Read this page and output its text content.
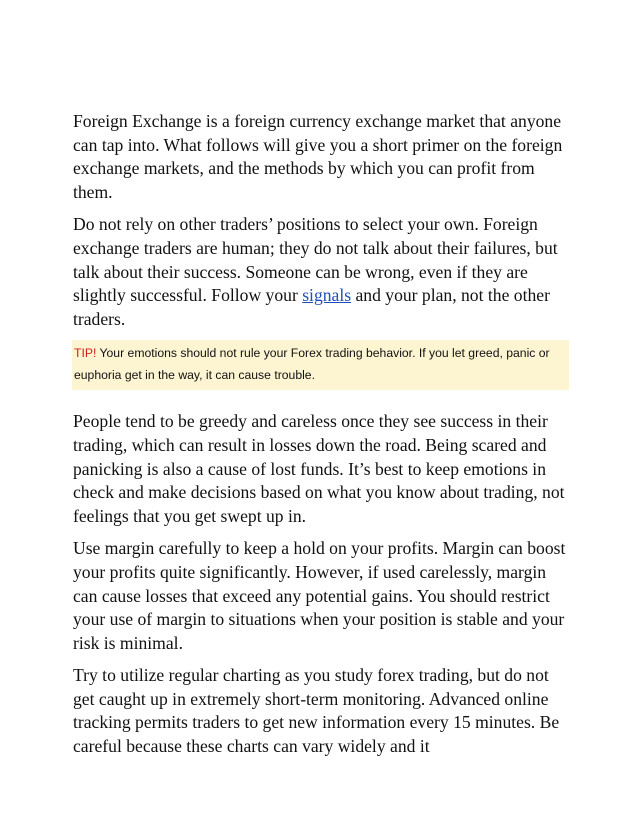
Foreign Exchange is a foreign currency exchange market that anyone can tap into. What follows will give you a short primer on the foreign exchange markets, and the methods by which you can profit from them.

Do not rely on other traders’ positions to select your own. Foreign exchange traders are human; they do not talk about their failures, but talk about their success. Someone can be wrong, even if they are slightly successful. Follow your signals and your plan, not the other traders.

TIP! Your emotions should not rule your Forex trading behavior. If you let greed, panic or euphoria get in the way, it can cause trouble.

People tend to be greedy and careless once they see success in their trading, which can result in losses down the road. Being scared and panicking is also a cause of lost funds. It’s best to keep emotions in check and make decisions based on what you know about trading, not feelings that you get swept up in.

Use margin carefully to keep a hold on your profits. Margin can boost your profits quite significantly. However, if used carelessly, margin can cause losses that exceed any potential gains. You should restrict your use of margin to situations when your position is stable and your risk is minimal.

Try to utilize regular charting as you study forex trading, but do not get caught up in extremely short-term monitoring. Advanced online tracking permits traders to get new information every 15 minutes. Be careful because these charts can vary widely and it
